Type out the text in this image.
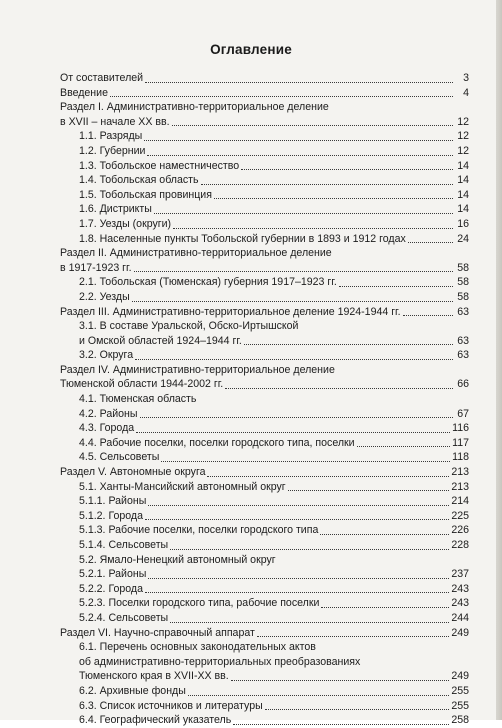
Оглавление
От составителей	3
Введение	4
Раздел I. Административно-территориальное деление
в XVII – начале XX вв.	12
1.1. Разряды	12
1.2. Губернии	12
1.3. Тобольское наместничество	14
1.4. Тобольская область	14
1.5. Тобольская провинция	14
1.6. Дистрикты	14
1.7. Уезды (округи)	16
1.8. Населенные пункты Тобольской губернии в 1893 и 1912 годах	24
Раздел II. Административно-территориальное деление
в 1917-1923 гг.	58
2.1. Тобольская (Тюменская) губерния 1917–1923 гг.	58
2.2. Уезды	58
Раздел III. Административно-территориальное деление 1924-1944 гг.	63
3.1. В составе Уральской, Обско-Иртышской
и Омской областей 1924–1944 гг.	63
3.2. Округа	63
Раздел IV. Административно-территориальное деление
Тюменской области 1944-2002 гг.	66
4.1. Тюменская область
4.2. Районы	67
4.3. Города	116
4.4. Рабочие поселки, поселки городского типа, поселки	117
4.5. Сельсоветы	118
Раздел V. Автономные округа	213
5.1. Ханты-Мансийский автономный округ	213
5.1.1. Районы	214
5.1.2. Города	225
5.1.3. Рабочие поселки, поселки городского типа	226
5.1.4. Сельсоветы	228
5.2. Ямало-Ненецкий автономный округ
5.2.1. Районы	237
5.2.2. Города	243
5.2.3. Поселки городского типа, рабочие поселки	243
5.2.4. Сельсоветы	244
Раздел VI. Научно-справочный аппарат	249
6.1. Перечень основных законодательных актов
об административно-территориальных преобразованиях
Тюменского края в XVII-XX вв.	249
6.2. Архивные фонды	255
6.3. Список источников и литературы	255
6.4. Географический указатель	258
